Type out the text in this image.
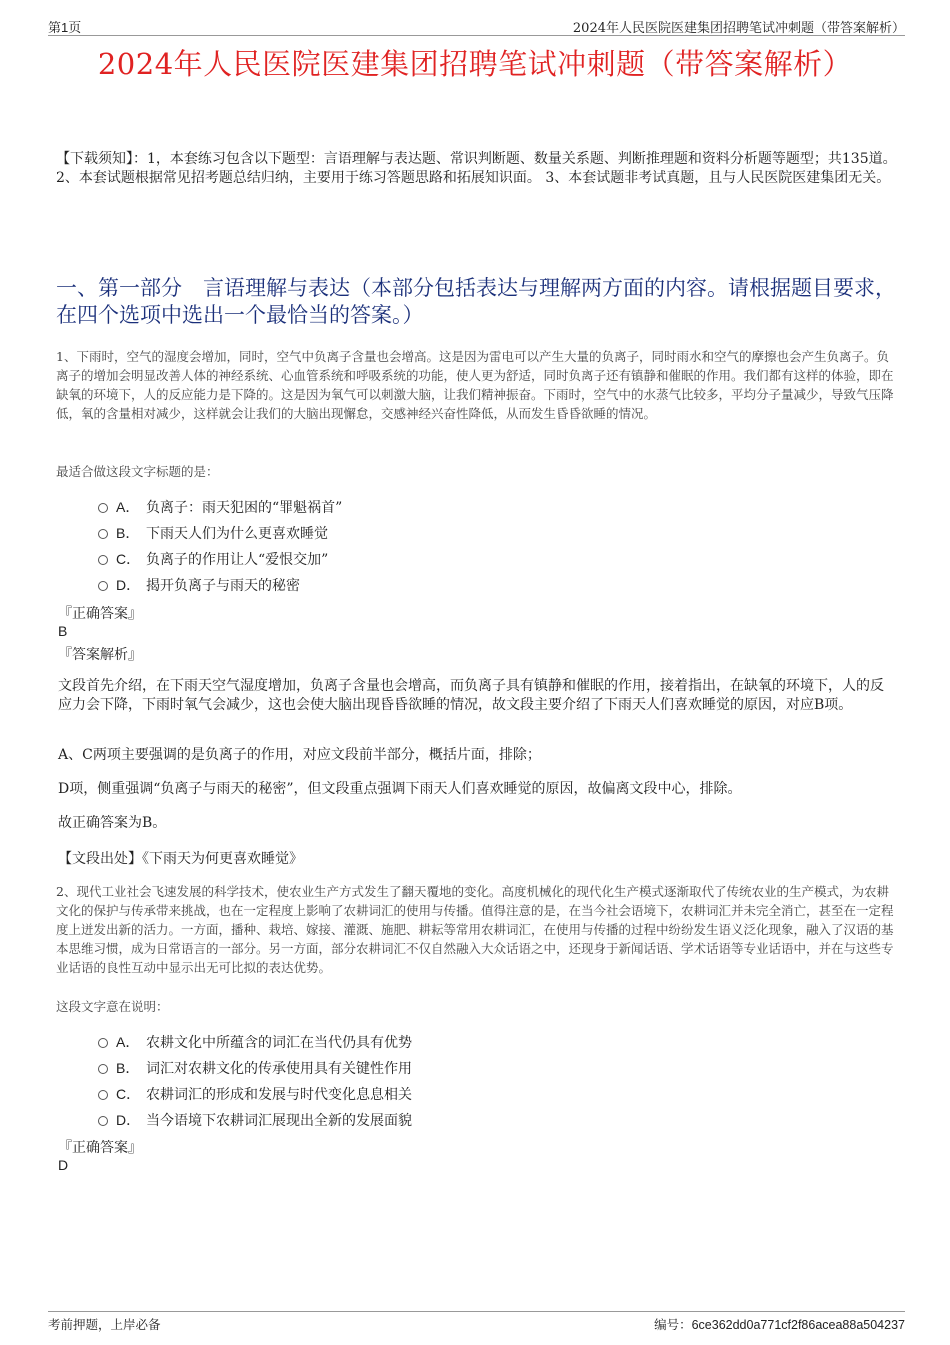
第1页	2024年人民医院医建集团招聘笔试冲刺题（带答案解析）
2024年人民医院医建集团招聘笔试冲刺题（带答案解析）
【下载须知】：1，本套练习包含以下题型：言语理解与表达题、常识判断题、数量关系题、判断推理题和资料分析题等题型；共135道。 2、本套试题根据常见招考题总结归纳，主要用于练习答题思路和拓展知识面。 3、本套试题非考试真题，且与人民医院医建集团无关。
一、第一部分　言语理解与表达（本部分包括表达与理解两方面的内容。请根据题目要求，在四个选项中选出一个最恰当的答案。）
1、下雨时，空气的湿度会增加，同时，空气中负离子含量也会增高。这是因为雷电可以产生大量的负离子，同时雨水和空气的摩擦也会产生负离子。负离子的增加会明显改善人体的神经系统、心血管系统和呼吸系统的功能，使人更为舒适，同时负离子还有镇静和催眠的作用。我们都有这样的体验，即在缺氧的环境下，人的反应能力是下降的。这是因为氧气可以刺激大脑，让我们精神振奋。下雨时，空气中的水蒸气比较多，平均分子量减少，导致气压降低，氧的含量相对减少，这样就会让我们的大脑出现懈怠，交感神经兴奋性降低，从而发生昏昏欲睡的情况。
最适合做这段文字标题的是：
A． 负离子：雨天犯困的“罪魁祸首”
B． 下雨天人们为什么更喜欢睡觉
C． 负离子的作用让人“爱恨交加”
D． 揭开负离子与雨天的秘密
『正确答案』
B
『答案解析』
文段首先介绍，在下雨天空气湿度增加，负离子含量也会增高，而负离子具有镇静和催眠的作用，接着指出，在缺氧的环境下，人的反应力会下降，下雨时氧气会减少，这也会使大脑出现昏昏欲睡的情况，故文段主要介绍了下雨天人们喜欢睡觉的原因，对应B项。
A、C两项主要强调的是负离子的作用，对应文段前半部分，概括片面，排除；
D项，侧重强调“负离子与雨天的秘密”，但文段重点强调下雨天人们喜欢睡觉的原因，故偏离文段中心，排除。
故正确答案为B。
【文段出处】《下雨天为何更喜欢睡觉》
2、现代工业社会飞速发展的科学技术，使农业生产方式发生了翻天覆地的变化。高度机械化的现代化生产模式逐渐取代了传统农业的生产模式，为农耕文化的保护与传承带来挑战，也在一定程度上影响了农耕词汇的使用与传播。值得注意的是，在当今社会语境下，农耕词汇并未完全消亡，甚至在一定程度上迸发出新的活力。一方面，播种、栽培、嫁接、灌溉、施肥、耕耘等常用农耕词汇，在使用与传播的过程中纷纷发生语义泛化现象，融入了汉语的基本思维习惯，成为日常语言的一部分。另一方面，部分农耕词汇不仅自然融入大众话语之中，还现身于新闻话语、学术话语等专业话语中，并在与这些专业话语的良性互动中显示出无可比拟的表达优势。
这段文字意在说明：
A． 农耕文化中所蕴含的词汇在当代仍具有优势
B． 词汇对农耕文化的传承使用具有关键性作用
C． 农耕词汇的形成和发展与时代变化息息相关
D． 当今语境下农耕词汇展现出全新的发展面貌
『正确答案』
D
考前押题，上岸必备	编号：6ce362dd0a771cf2f86acea88a504237
